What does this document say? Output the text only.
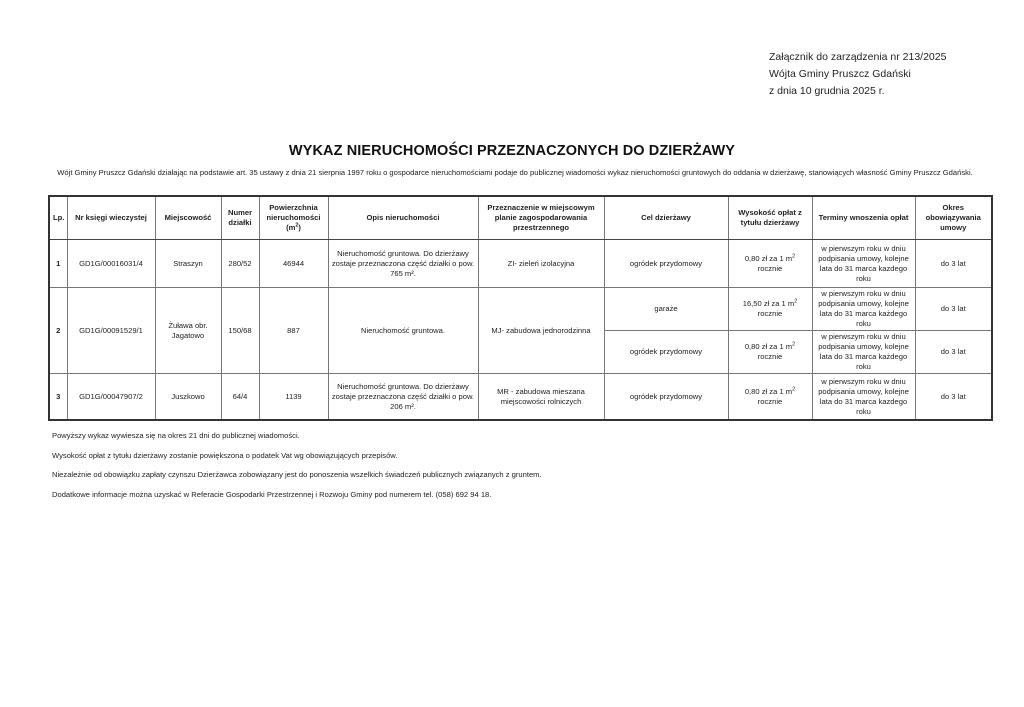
Załącznik do zarządzenia nr 213/2025
Wójta Gminy Pruszcz Gdański
z dnia 10 grudnia 2025 r.
WYKAZ NIERUCHOMOŚCI PRZEZNACZONYCH DO DZIERŻAWY
Wójt Gminy Pruszcz Gdański działając na podstawie art. 35 ustawy z dnia 21 sierpnia 1997 roku o gospodarce nieruchomościami podaje do publicznej wiadomości wykaz nieruchomości gruntowych do oddania w dzierżawę, stanowiących własność Gminy Pruszcz Gdański.
Lp.	Nr księgi wieczystej	Miejscowość	Numer działki	Powierzchnia nieruchomości
$(m^2)$	Opis nieruchomości	Przeznaczenie w miejscowym planie zagospodarowania przestrzennego	Cel dzierżawy	Wysokość opłat z tytułu dzierżawy	Terminy wnoszenia opłat	Okres obowiązywania umowy
1	GD1G/00016031/4	Straszyn	280/52	46944	Nieruchomość gruntowa. Do dzierżawy zostaje przeznaczona część działki o pow. 765 m².	ZI- zieleń izolacyjna	ogródek przydomowy	0,80 zł za 1 $m^2$
rocznie	w pierwszym roku w dniu podpisania umowy, kolejne lata do 31 marca kazdego roku	do 3 lat
2	GD1G/00091529/1	Żuława obr. Jagatowo	150/68	887	Nieruchomość gruntowa.	MJ- zabudowa jednorodzinna	garaże	16,50 zł za 1 $m^2$
rocznie	w pierwszym roku w dniu podpisania umowy, kolejne lata do 31 marca każdego roku	do 3 lat
							ogródek przydomowy	0,80 zł za 1 $m^2$
rocznie	w pierwszym roku w dniu podpisania umowy, kolejne lata do 31 marca każdego roku	do 3 lat
3	GD1G/00047907/2	Juszkowo	64/4	1139	Nieruchomość gruntowa. Do dzierżawy zostaje przeznaczona część działki o pow. 206 m².	MR - zabudowa mieszana miejscowości rolniczych	ogródek przydomowy	0,80 zł za 1 $m^2$
rocznie	w pierwszym roku w dniu podpisania umowy, kolejne lata do 31 marca kazdego roku	do 3 lat

Powyższy wykaz wywiesza się na okres 21 dni do publicznej wiadomości.

Wysokość opłat z tytułu dzierżawy zostanie powiększona o podatek Vat wg obowiązujących przepisów.

Niezależnie od obowiązku zapłaty czynszu Dzierżawca zobowiązany jest do ponoszenia wszelkich świadczeń publicznych związanych z gruntem.

Dodatkowe informacje można uzyskać w Referacie Gospodarki Przestrzennej i Rozwoju Gminy pod numerem tel. (058) 692 94 18.
